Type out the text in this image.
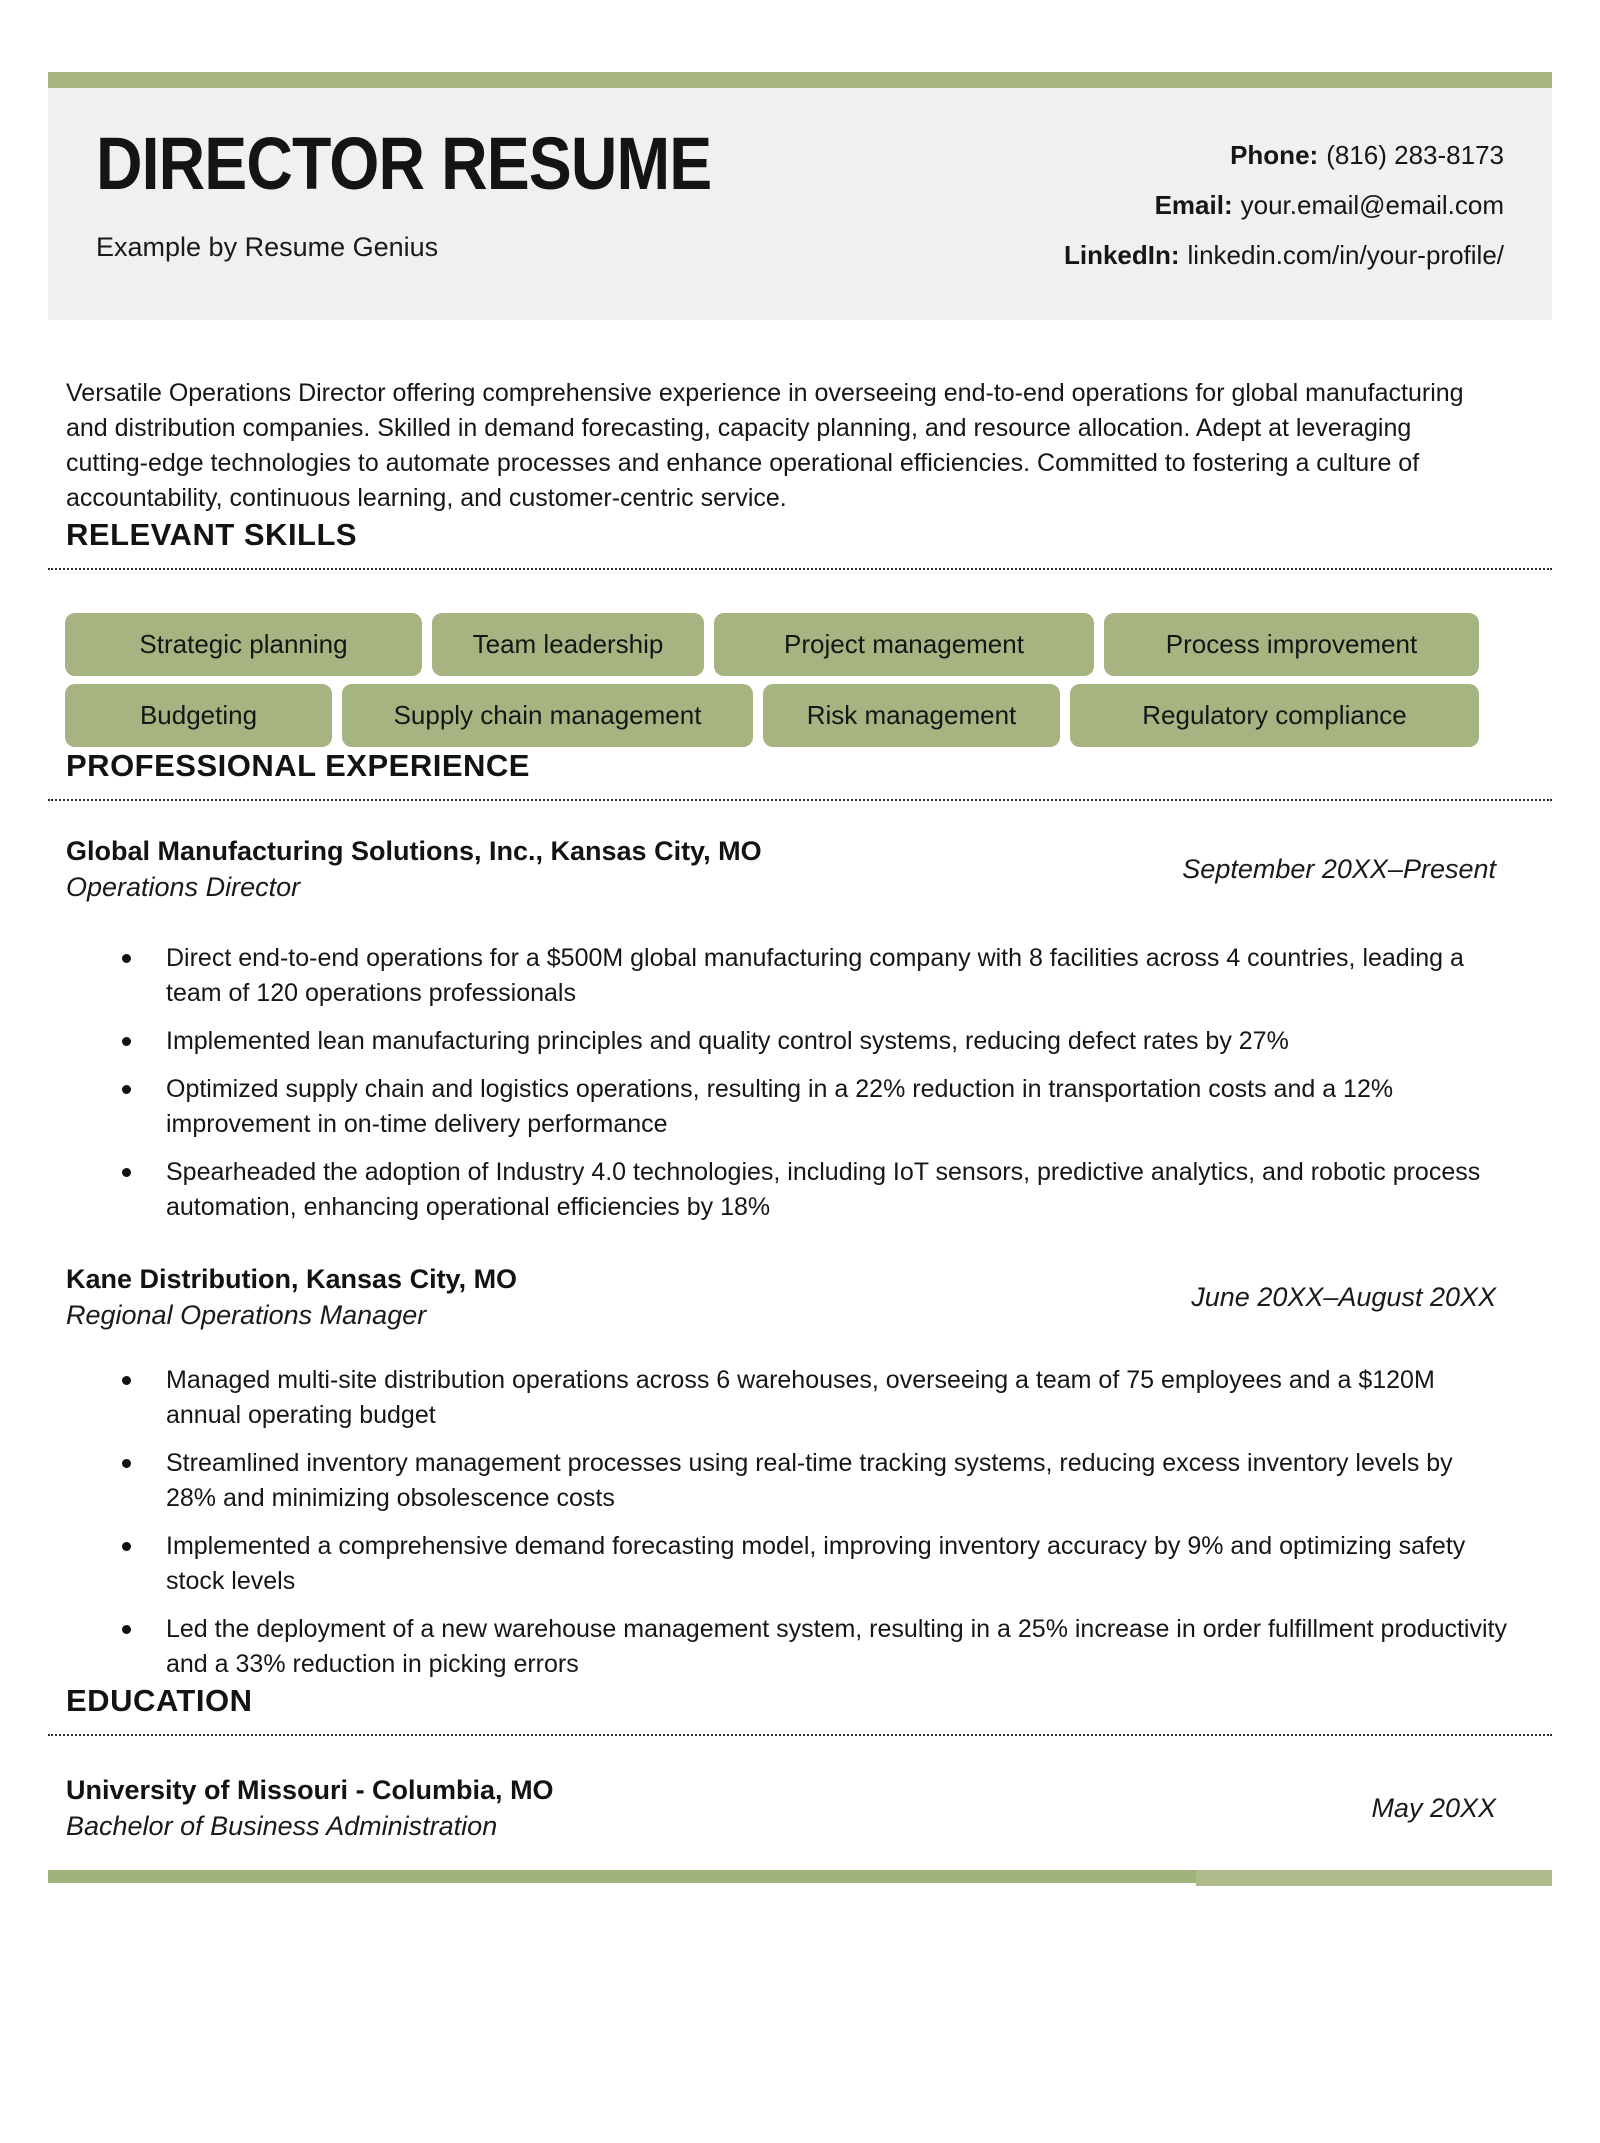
DIRECTOR RESUME
Example by Resume Genius
Phone: (816) 283-8173
Email: your.email@email.com
LinkedIn: linkedin.com/in/your-profile/

Versatile Operations Director offering comprehensive experience in overseeing end-to-end operations for global manufacturing and distribution companies. Skilled in demand forecasting, capacity planning, and resource allocation. Adept at leveraging cutting-edge technologies to automate processes and enhance operational efficiencies. Committed to fostering a culture of accountability, continuous learning, and customer-centric service.

RELEVANT SKILLS
Strategic planning	Team leadership	Project management	Process improvement
Budgeting	Supply chain management	Risk management	Regulatory compliance
PROFESSIONAL EXPERIENCE
Global Manufacturing Solutions, Inc., Kansas City, MO
Operations Director
September 20XX–Present
Direct end-to-end operations for a $500M global manufacturing company with 8 facilities across 4 countries, leading a team of 120 operations professionals
Implemented lean manufacturing principles and quality control systems, reducing defect rates by 27%
Optimized supply chain and logistics operations, resulting in a 22% reduction in transportation costs and a 12% improvement in on-time delivery performance
Spearheaded the adoption of Industry 4.0 technologies, including IoT sensors, predictive analytics, and robotic process automation, enhancing operational efficiencies by 18%
Kane Distribution, Kansas City, MO
Regional Operations Manager
June 20XX–August 20XX
Managed multi-site distribution operations across 6 warehouses, overseeing a team of 75 employees and a $120M annual operating budget
Streamlined inventory management processes using real-time tracking systems, reducing excess inventory levels by 28% and minimizing obsolescence costs
Implemented a comprehensive demand forecasting model, improving inventory accuracy by 9% and optimizing safety stock levels
Led the deployment of a new warehouse management system, resulting in a 25% increase in order fulfillment productivity and a 33% reduction in picking errors
EDUCATION
University of Missouri - Columbia, MO
Bachelor of Business Administration
May 20XX
